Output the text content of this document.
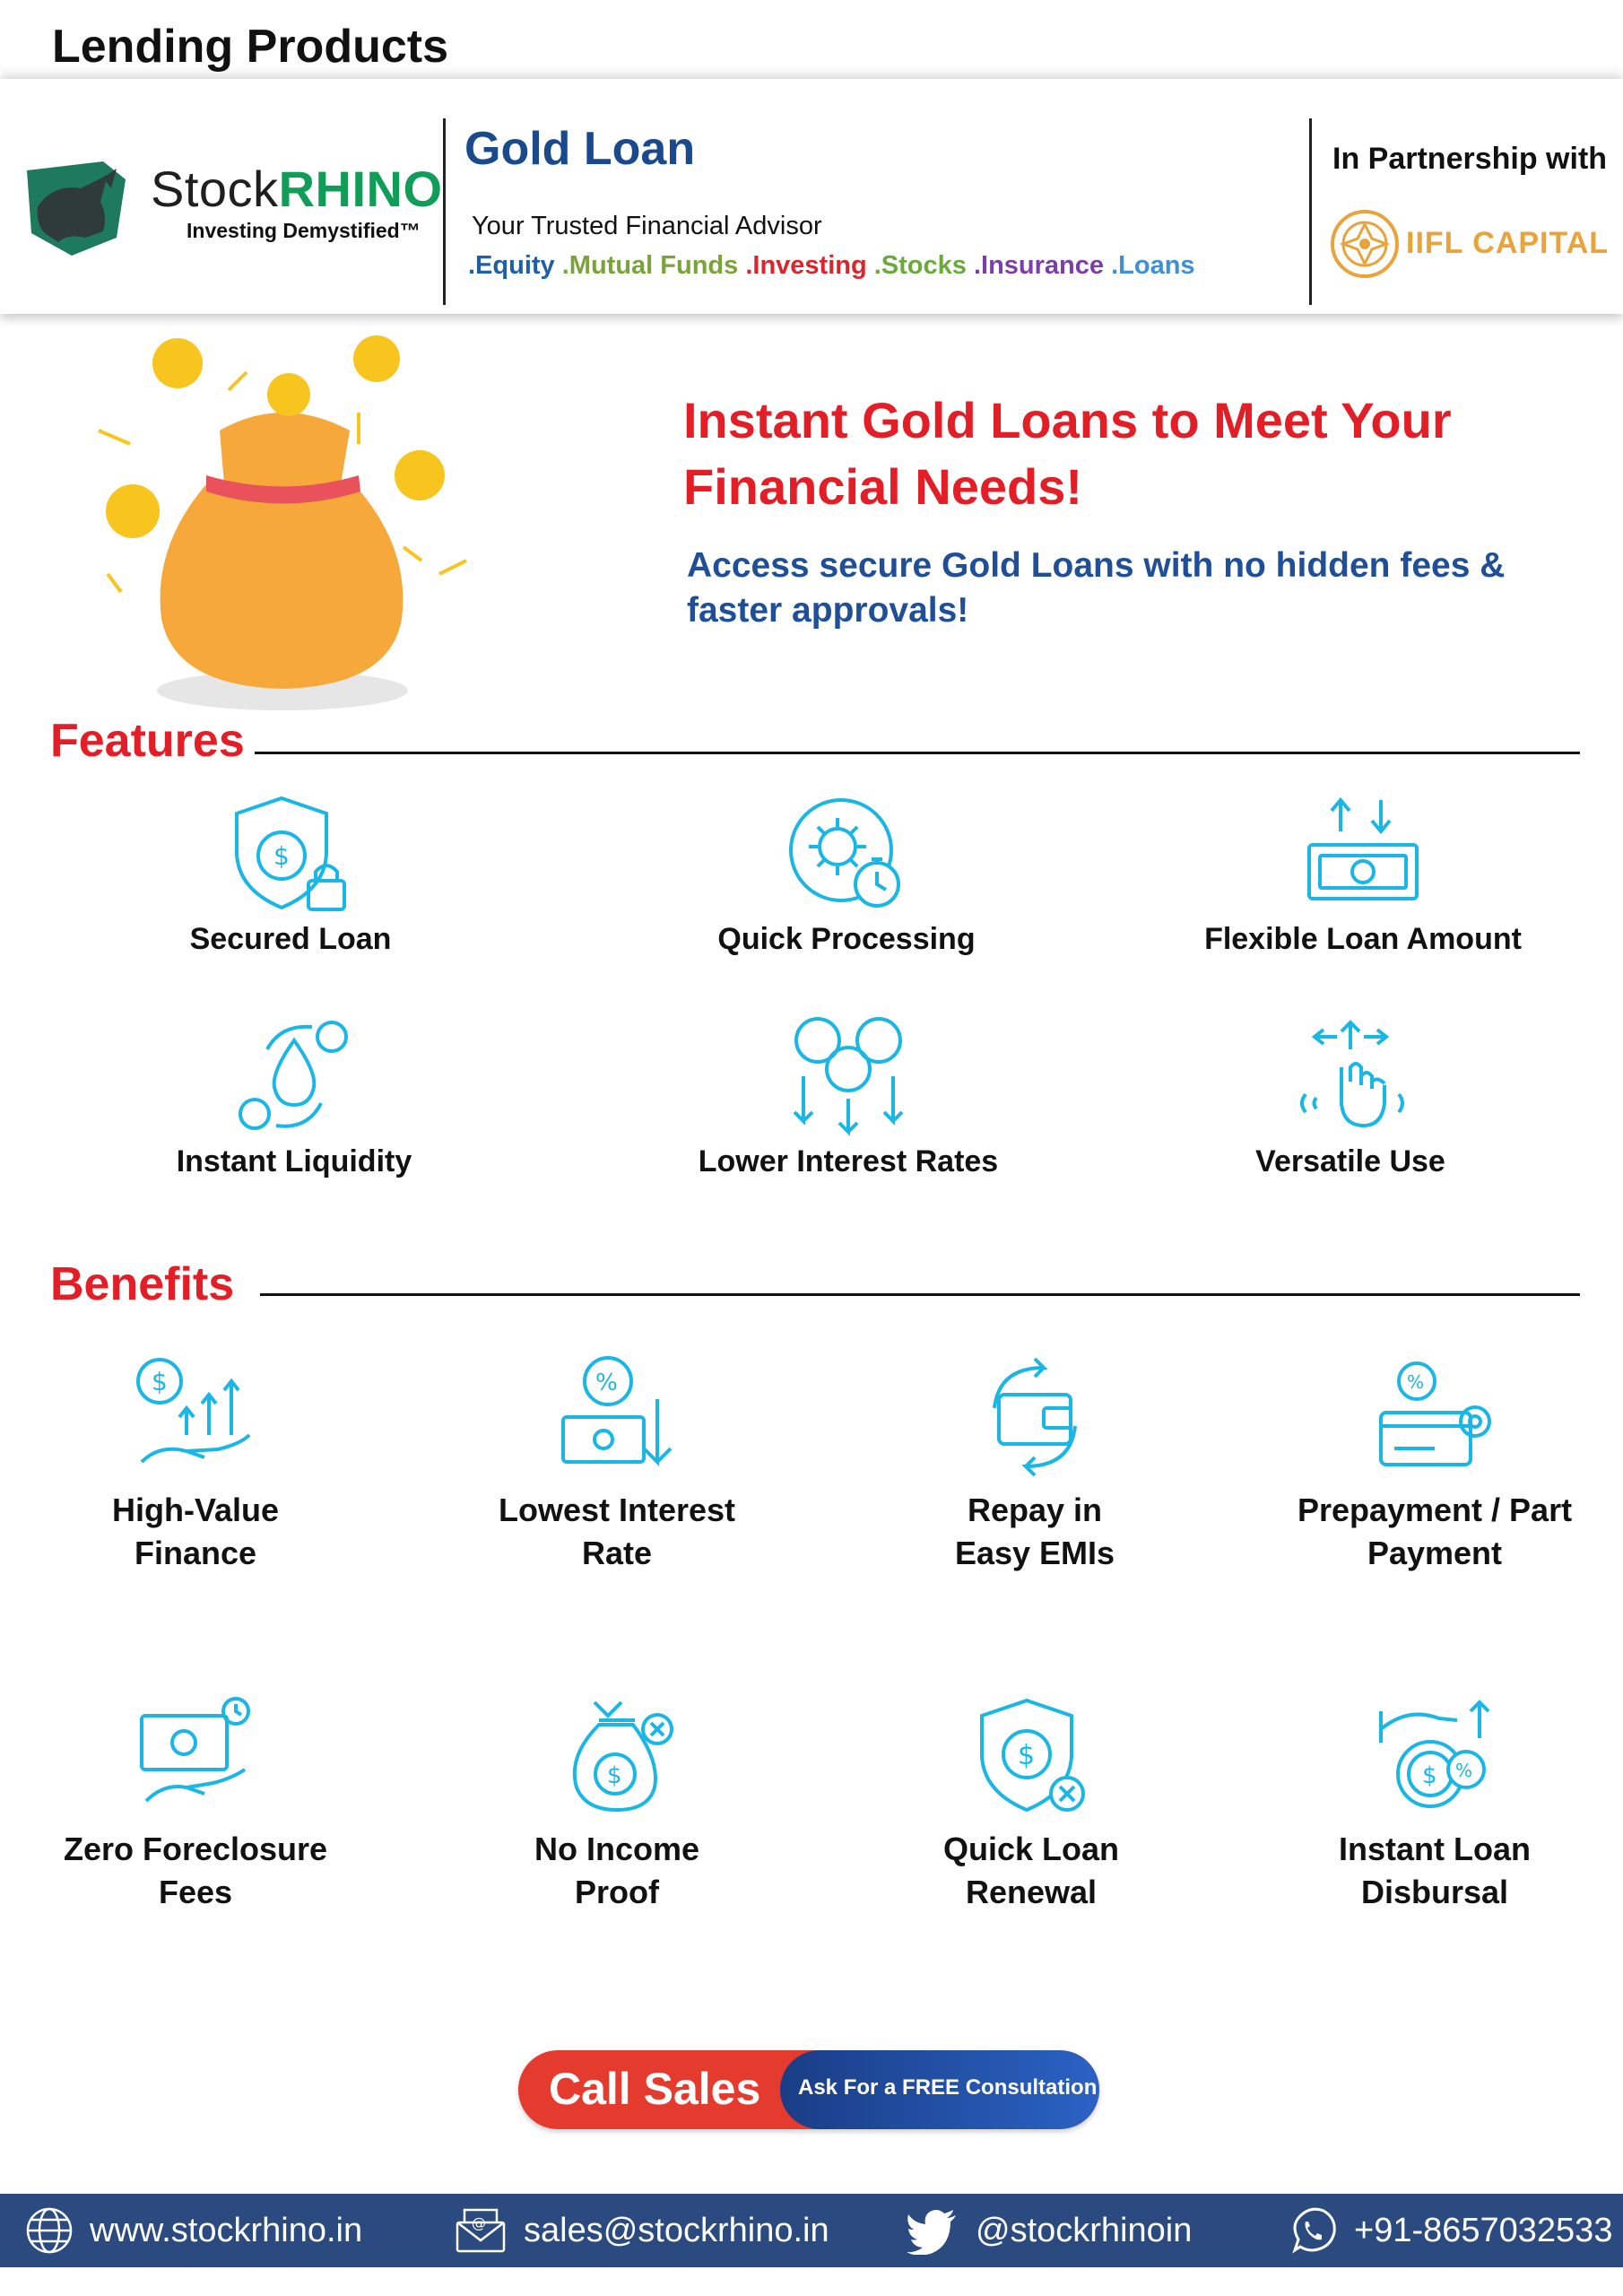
Lending Products
StockRHINO
Investing Demystified™
Gold Loan
Your Trusted Financial Advisor
.Equity .Mutual Funds .Investing .Stocks .Insurance .Loans
In Partnership with
IIFL CAPITAL
Instant Gold Loans to Meet Your Financial Needs!
Access secure Gold Loans with no hidden fees & faster approvals!
Features
$
Secured Loan	Quick Processing	Flexible Loan Amount
Instant Liquidity	Lower Interest Rates	Versatile Use
Benefits
$
High-Value
Finance
%
Lowest Interest
Rate
Repay in
Easy EMIs
%
Prepayment / Part
Payment
Zero Foreclosure
Fees
$
No Income
Proof
$
Quick Loan
Renewal
$ %
Instant Loan
Disbursal
Call Sales Ask For a FREE Consultation
www.stockrhino.in	@ sales@stockrhino.in	@stockrhinoin	+91-8657032533
